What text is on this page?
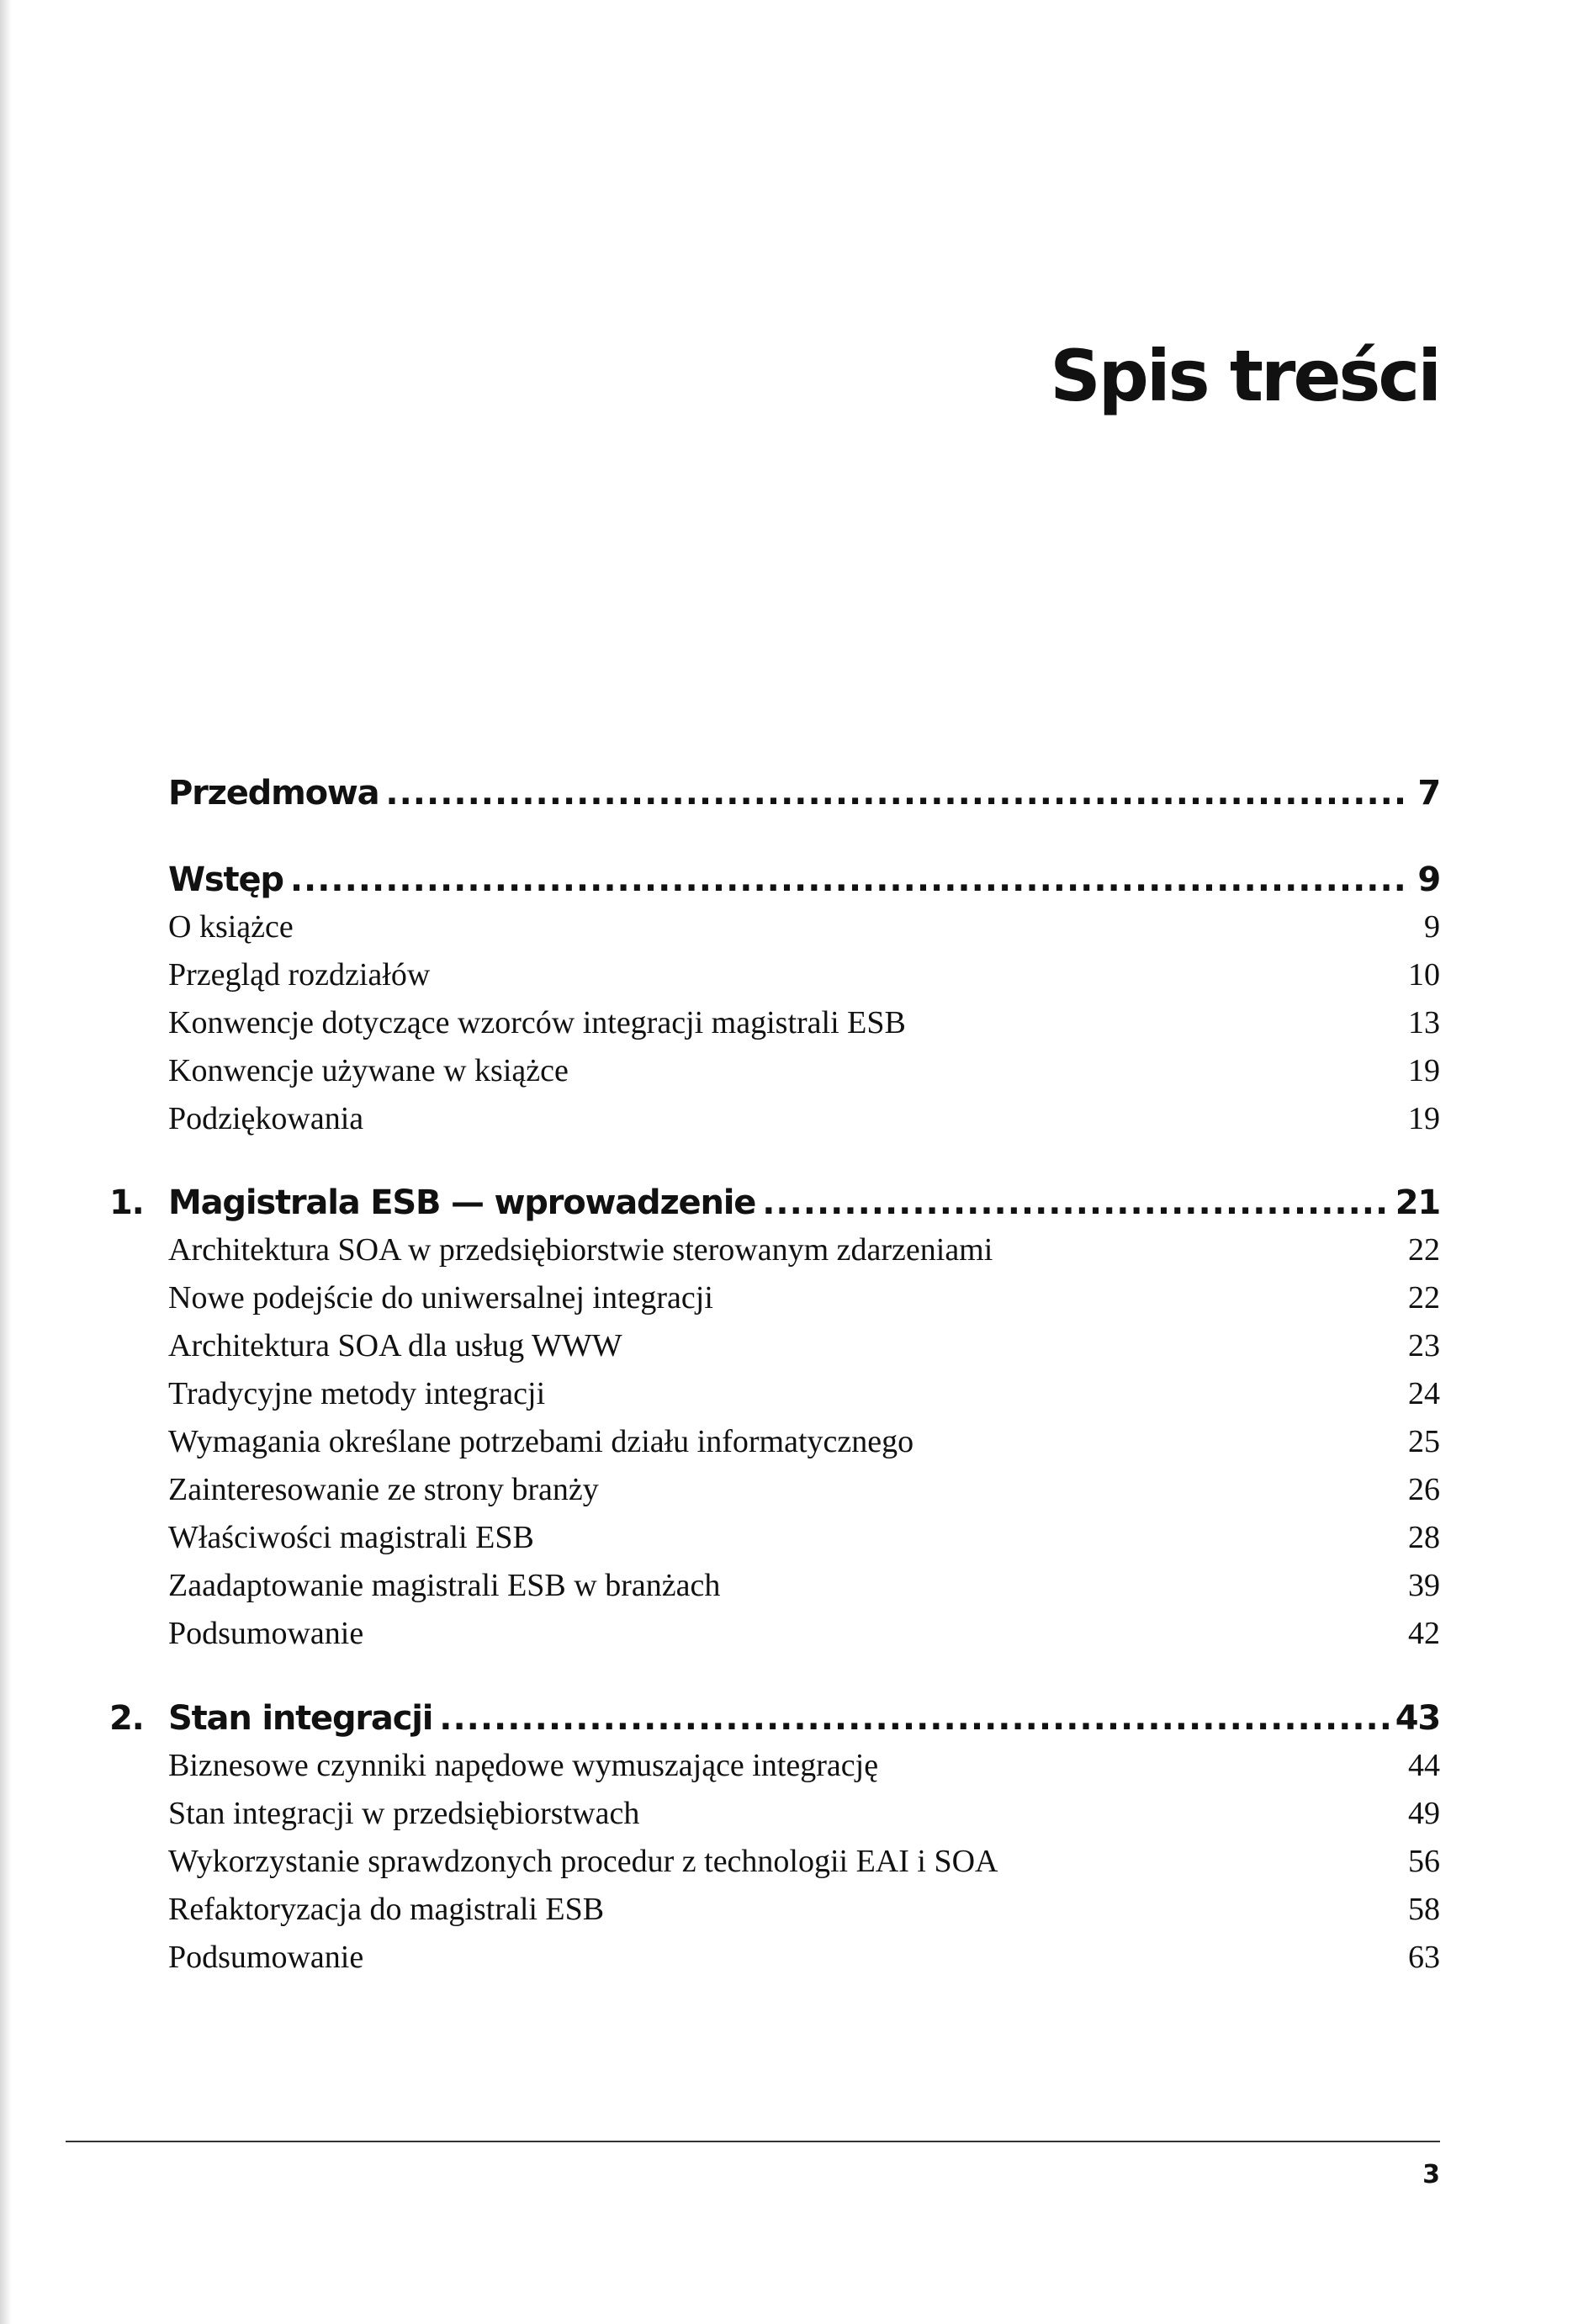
Spis treści
Przedmowa .....	7
Wstęp .....	9
O książce	9
Przegląd rozdziałów	10
Konwencje dotyczące wzorców integracji magistrali ESB	13
Konwencje używane w książce	19
Podziękowania	19
1. Magistrala ESB — wprowadzenie .....	21
Architektura SOA w przedsiębiorstwie sterowanym zdarzeniami	22
Nowe podejście do uniwersalnej integracji	22
Architektura SOA dla usług WWW	23
Tradycyjne metody integracji	24
Wymagania określane potrzebami działu informatycznego	25
Zainteresowanie ze strony branży	26
Właściwości magistrali ESB	28
Zaadaptowanie magistrali ESB w branżach	39
Podsumowanie	42
2. Stan integracji .....	43
Biznesowe czynniki napędowe wymuszające integrację	44
Stan integracji w przedsiębiorstwach	49
Wykorzystanie sprawdzonych procedur z technologii EAI i SOA	56
Refaktoryzacja do magistrali ESB	58
Podsumowanie	63
3
